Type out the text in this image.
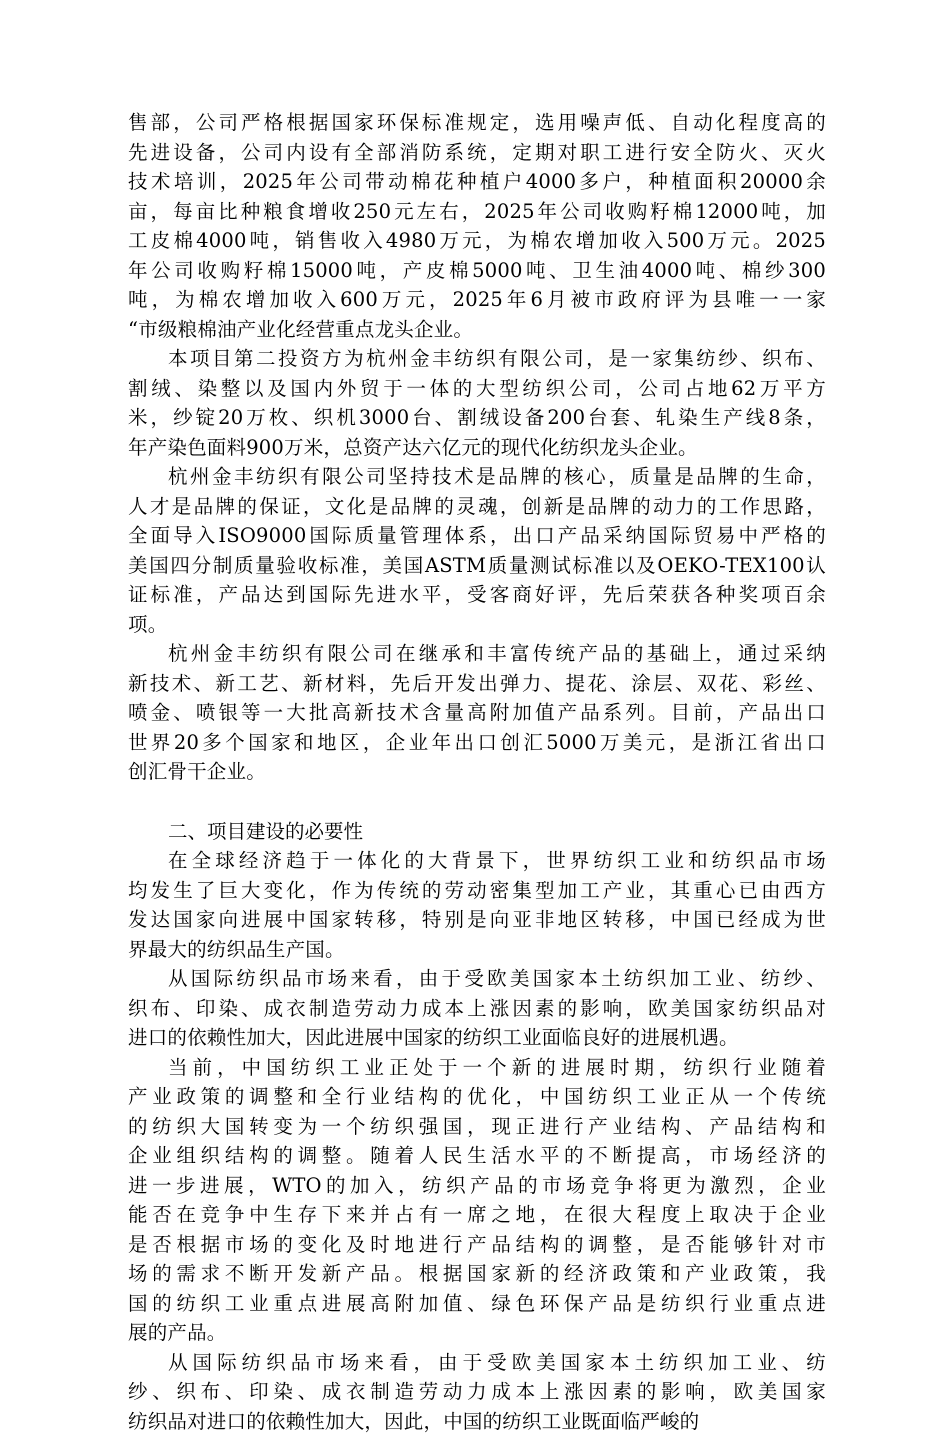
售部，公司严格根据国家环保标准规定，选用噪声低、自动化程度高的
先进设备，公司内设有全部消防系统，定期对职工进行安全防火、灭火
技术培训，2025年公司带动棉花种植户4000多户，种植面积20000余
亩，每亩比种粮食增收250元左右，2025年公司收购籽棉12000吨，加
工皮棉4000吨，销售收入4980万元，为棉农增加收入500万元。2025
年公司收购籽棉15000吨，产皮棉5000吨、卫生油4000吨、棉纱300
吨，为棉农增加收入600万元，2025年6月被市政府评为县唯一一家
“市级粮棉油产业化经营重点龙头企业。
本项目第二投资方为杭州金丰纺织有限公司，是一家集纺纱、织布、
割绒、染整以及国内外贸于一体的大型纺织公司，公司占地62万平方
米，纱锭20万枚、织机3000台、割绒设备200台套、轧染生产线8条，
年产染色面料900万米，总资产达六亿元的现代化纺织龙头企业。
杭州金丰纺织有限公司坚持技术是品牌的核心，质量是品牌的生命，
人才是品牌的保证，文化是品牌的灵魂，创新是品牌的动力的工作思路，
全面导入ISO9000国际质量管理体系，出口产品采纳国际贸易中严格的
美国四分制质量验收标准，美国ASTM质量测试标准以及OEKO-TEX100认
证标准，产品达到国际先进水平，受客商好评，先后荣获各种奖项百余
项。
杭州金丰纺织有限公司在继承和丰富传统产品的基础上，通过采纳
新技术、新工艺、新材料，先后开发出弹力、提花、涂层、双花、彩丝、
喷金、喷银等一大批高新技术含量高附加值产品系列。目前，产品出口
世界20多个国家和地区，企业年出口创汇5000万美元，是浙江省出口
创汇骨干企业。
二、项目建设的必要性
在全球经济趋于一体化的大背景下，世界纺织工业和纺织品市场
均发生了巨大变化，作为传统的劳动密集型加工产业，其重心已由西方
发达国家向进展中国家转移，特别是向亚非地区转移，中国已经成为世
界最大的纺织品生产国。
从国际纺织品市场来看，由于受欧美国家本土纺织加工业、纺纱、
织布、印染、成衣制造劳动力成本上涨因素的影响，欧美国家纺织品对
进口的依赖性加大，因此进展中国家的纺织工业面临良好的进展机遇。
当前，中国纺织工业正处于一个新的进展时期，纺织行业随着
产业政策的调整和全行业结构的优化，中国纺织工业正从一个传统
的纺织大国转变为一个纺织强国，现正进行产业结构、产品结构和
企业组织结构的调整。随着人民生活水平的不断提高，市场经济的
进一步进展，WTO的加入，纺织产品的市场竞争将更为激烈，企业
能否在竞争中生存下来并占有一席之地，在很大程度上取决于企业
是否根据市场的变化及时地进行产品结构的调整，是否能够针对市
场的需求不断开发新产品。根据国家新的经济政策和产业政策，我
国的纺织工业重点进展高附加值、绿色环保产品是纺织行业重点进
展的产品。
从国际纺织品市场来看，由于受欧美国家本土纺织加工业、纺
纱、织布、印染、成衣制造劳动力成本上涨因素的影响，欧美国家
纺织品对进口的依赖性加大，因此，中国的纺织工业既面临严峻的
